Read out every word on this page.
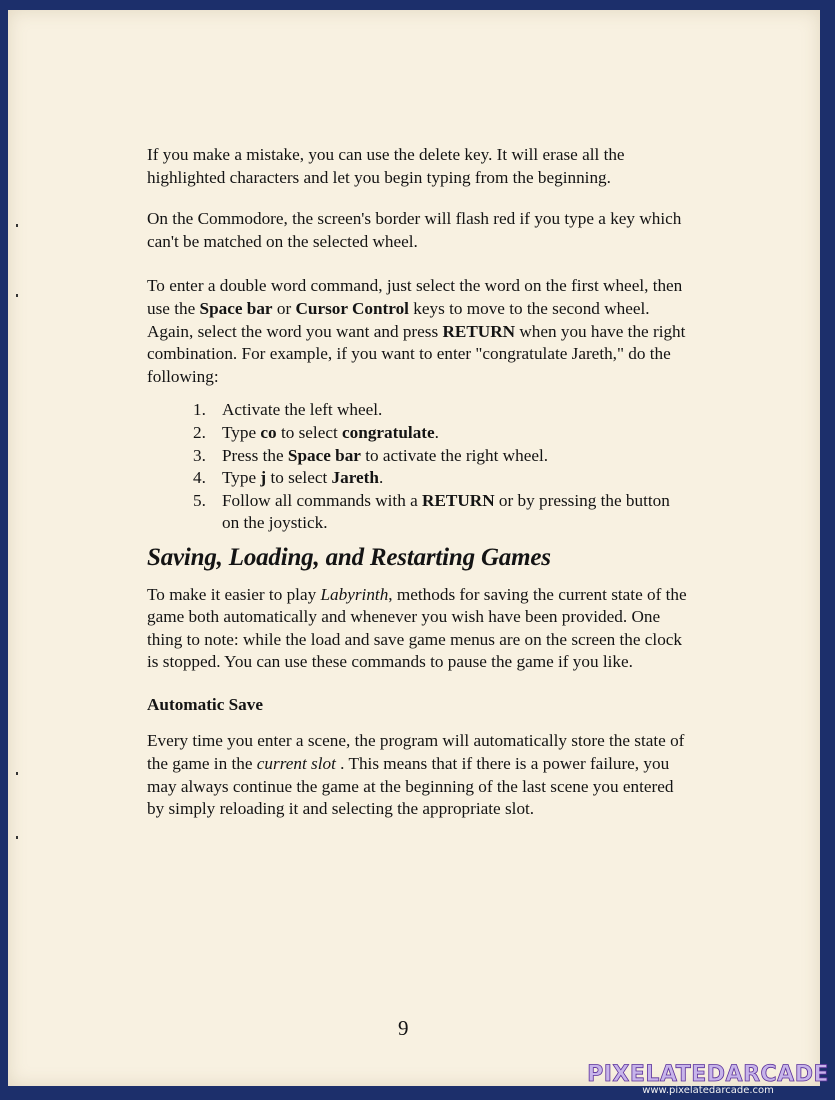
If you make a mistake, you can use the delete key. It will erase all the highlighted characters and let you begin typing from the beginning.

On the Commodore, the screen's border will flash red if you type a key which can't be matched on the selected wheel.

To enter a double word command, just select the word on the first wheel, then use the Space bar or Cursor Control keys to move to the second wheel. Again, select the word you want and press RETURN when you have the right combination. For example, if you want to enter "congratulate Jareth," do the following:

1. Activate the left wheel.
2. Type co to select congratulate.
3. Press the Space bar to activate the right wheel.
4. Type j to select Jareth.
5. Follow all commands with a RETURN or by pressing the button on the joystick.
Saving, Loading, and Restarting Games

To make it easier to play Labyrinth, methods for saving the current state of the game both automatically and whenever you wish have been provided. One thing to note: while the load and save game menus are on the screen the clock is stopped. You can use these commands to pause the game if you like.

Automatic Save

Every time you enter a scene, the program will automatically store the state of the game in the current slot . This means that if there is a power failure, you may always continue the game at the beginning of the last scene you entered by simply reloading it and selecting the appropriate slot.

9
PIXELATEDARCADE
www.pixelatedarcade.com
